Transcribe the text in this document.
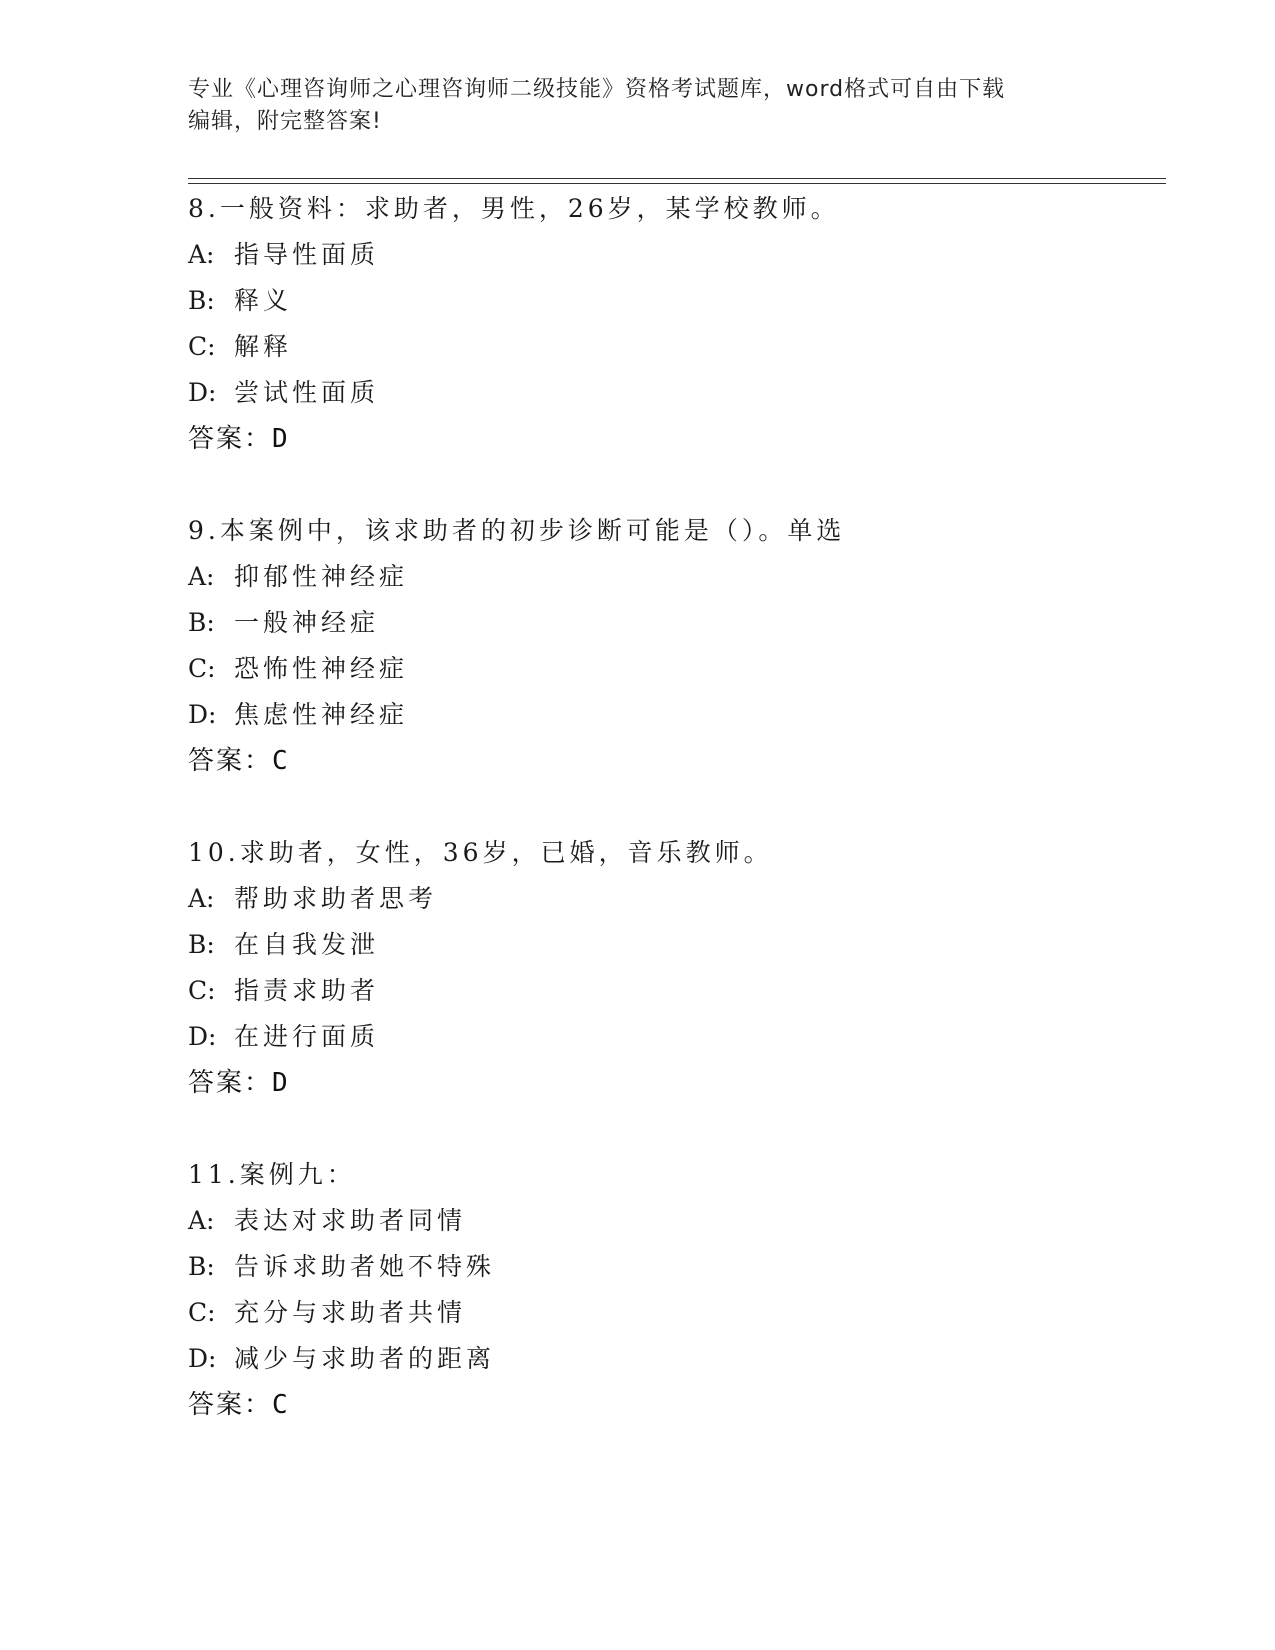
专业《心理咨询师之心理咨询师二级技能》资格考试题库，word格式可自由下载
编辑，附完整答案!
8.一般资料：求助者，男性，26岁，某学校教师。
A: 指导性面质
B: 释义
C: 解释
D: 尝试性面质
答案：D
9.本案例中，该求助者的初步诊断可能是（）。单选
A: 抑郁性神经症
B: 一般神经症
C: 恐怖性神经症
D: 焦虑性神经症
答案：C
10.求助者，女性，36岁，已婚，音乐教师。
A: 帮助求助者思考
B: 在自我发泄
C: 指责求助者
D: 在进行面质
答案：D
11.案例九：
A: 表达对求助者同情
B: 告诉求助者她不特殊
C: 充分与求助者共情
D: 减少与求助者的距离
答案：C
